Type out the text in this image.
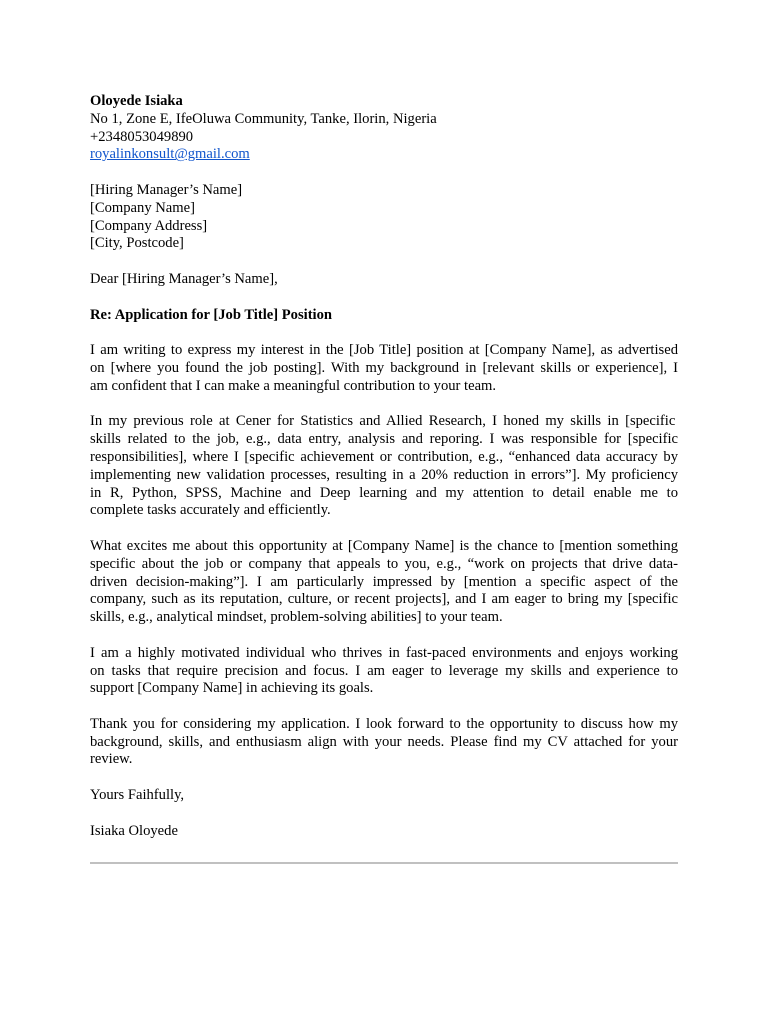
Oloyede Isiaka
No 1, Zone E, IfeOluwa Community, Tanke, Ilorin, Nigeria
+2348053049890
royalinkonsult@gmail.com
[Hiring Manager’s Name]
[Company Name]
[Company Address]
[City, Postcode]
Dear [Hiring Manager’s Name],
Re: Application for [Job Title] Position
I am writing to express my interest in the [Job Title] position at [Company Name], as advertised
on [where you found the job posting]. With my background in [relevant skills or experience], I
am confident that I can make a meaningful contribution to your team.
In my previous role at Cener for Statistics and Allied Research, I honed my skills in [specific
skills related to the job, e.g., data entry, analysis and reporing. I was responsible for [specific
responsibilities], where I [specific achievement or contribution, e.g., “enhanced data accuracy by
implementing new validation processes, resulting in a 20% reduction in errors”]. My proficiency
in R, Python, SPSS, Machine and Deep learning and my attention to detail enable me to
complete tasks accurately and efficiently.
What excites me about this opportunity at [Company Name] is the chance to [mention something
specific about the job or company that appeals to you, e.g., “work on projects that drive data-
driven decision-making”]. I am particularly impressed by [mention a specific aspect of the
company, such as its reputation, culture, or recent projects], and I am eager to bring my [specific
skills, e.g., analytical mindset, problem-solving abilities] to your team.
I am a highly motivated individual who thrives in fast-paced environments and enjoys working
on tasks that require precision and focus. I am eager to leverage my skills and experience to
support [Company Name] in achieving its goals.
Thank you for considering my application. I look forward to the opportunity to discuss how my
background, skills, and enthusiasm align with your needs. Please find my CV attached for your
review.
Yours Faihfully,
Isiaka Oloyede
